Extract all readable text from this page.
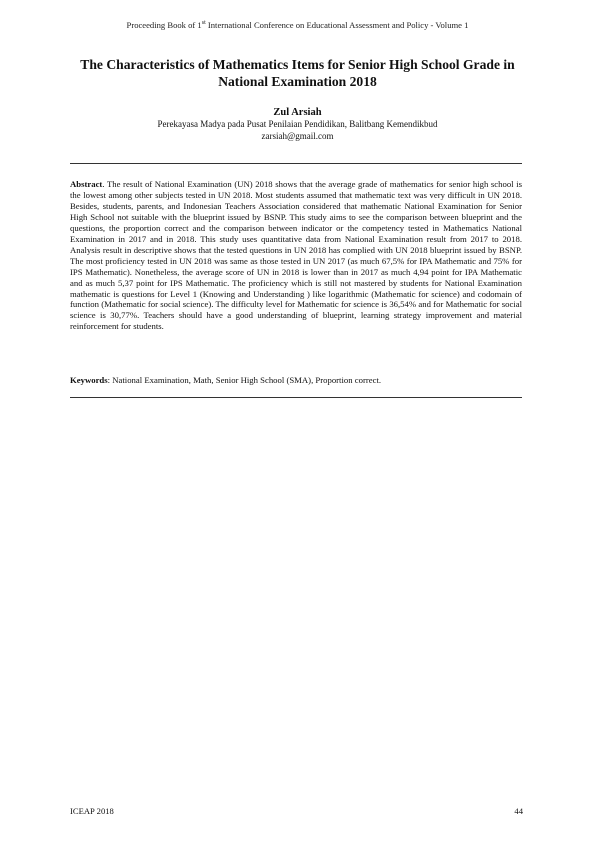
Proceeding Book of 1st International Conference on Educational Assessment and Policy - Volume 1
The Characteristics of Mathematics Items for Senior High School Grade in National Examination 2018
Zul Arsiah
Perekayasa Madya pada Pusat Penilaian Pendidikan, Balitbang Kemendikbud
zarsiah@gmail.com
Abstract. The result of National Examination (UN) 2018 shows that the average grade of mathematics for senior high school is the lowest among other subjects tested in UN 2018. Most students assumed that mathematic text was very difficult in UN 2018. Besides, students, parents, and Indonesian Teachers Association considered that mathematic National Examination for Senior High School not suitable with the blueprint issued by BSNP. This study aims to see the comparison between blueprint and the questions, the proportion correct and the comparison between indicator or the competency tested in Mathematics National Examination in 2017 and in 2018. This study uses quantitative data from National Examination result from 2017 to 2018. Analysis result in descriptive shows that the tested questions in UN 2018 has complied with UN 2018 blueprint issued by BSNP. The most proficiency tested in UN 2018 was same as those tested in UN 2017 (as much 67,5% for IPA Mathematic and 75% for IPS Mathematic). Nonetheless, the average score of UN in 2018 is lower than in 2017 as much 4,94 point for IPA Mathematic and as much 5,37 point for IPS Mathematic. The proficiency which is still not mastered by students for National Examination mathematic is questions for Level 1 (Knowing and Understanding ) like logarithmic (Mathematic for science) and codomain of function (Mathematic for social science). The difficulty level for Mathematic for science is 36,54% and for Mathematic for social science is 30,77%. Teachers should have a good understanding of blueprint, learning strategy improvement and material reinforcement for students.
Keywords: National Examination, Math, Senior High School (SMA), Proportion correct.
ICEAP 2018	44
